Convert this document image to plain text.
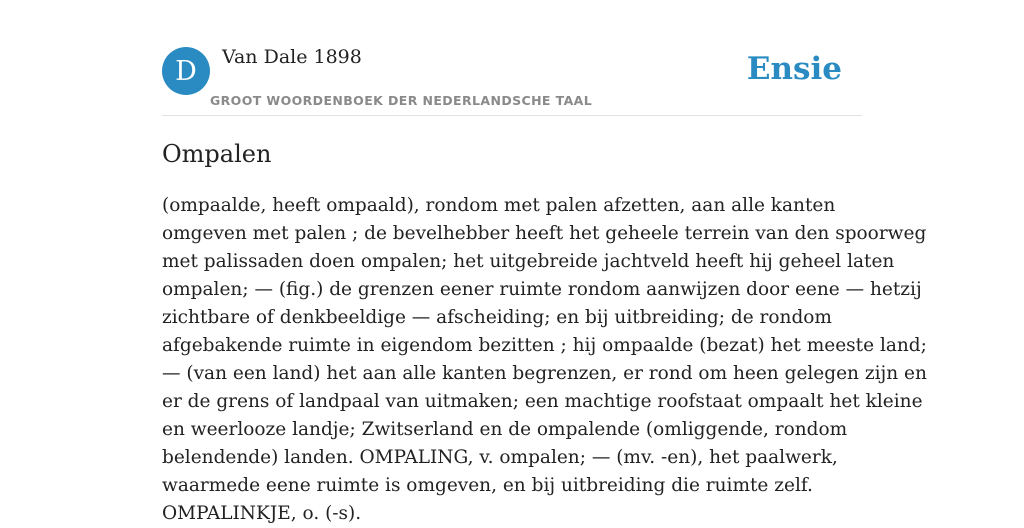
D	Van Dale 1898
GROOT WOORDENBOEK DER NEDERLANDSCHE TAAL
Ensie
Ompalen
(ompaalde, heeft ompaald), rondom met palen afzetten, aan alle kanten
omgeven met palen ; de bevelhebber heeft het geheele terrein van den spoorweg
met palissaden doen ompalen; het uitgebreide jachtveld heeft hij geheel laten
ompalen; — (fig.) de grenzen eener ruimte rondom aanwijzen door eene — hetzij
zichtbare of denkbeeldige — afscheiding; en bij uitbreiding; de rondom
afgebakende ruimte in eigendom bezitten ; hij ompaalde (bezat) het meeste land;
— (van een land) het aan alle kanten begrenzen, er rond om heen gelegen zijn en
er de grens of landpaal van uitmaken; een machtige roofstaat ompaalt het kleine
en weerlooze landje; Zwitserland en de ompalende (omliggende, rondom
belendende) landen. OMPALING, v. ompalen; — (mv. -en), het paalwerk,
waarmede eene ruimte is omgeven, en bij uitbreiding die ruimte zelf.
OMPALINKJE, o. (-s).
